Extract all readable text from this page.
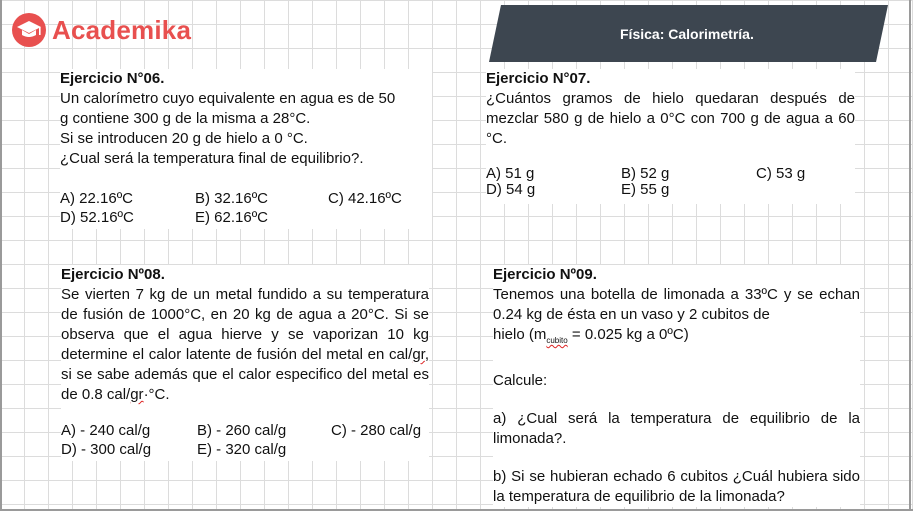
Academika	Física: Calorimetría.
Ejercicio N°06.
Un calorímetro cuyo equivalente en agua es de 50
g contiene 300 g de la misma a 28°C.
Si se introducen 20 g de hielo a 0 °C.
¿Cual será la temperatura final de equilibrio?.
A) 22.16ºC	B) 32.16ºC	C) 42.16ºC
D) 52.16ºC	E) 62.16ºC
Ejercicio N°07.
¿Cuántos gramos de hielo quedaran después de mezclar 580 g de hielo a 0°C con 700 g de agua a 60 °C.
A) 51 g	B) 52 g	C) 53 g
D) 54 g	E) 55 g
Ejercicio Nº08.
Se vierten 7 kg de un metal fundido a su temperatura de fusión de 1000°C, en 20 kg de agua a 20°C. Si se observa que el agua hierve y se vaporizan 10 kg determine el calor latente de fusión del metal en cal/gr, si se sabe además que el calor especifico del metal es de 0.8 cal/gr·°C.
A) - 240 cal/g	B) - 260 cal/g	C) - 280 cal/g
D) - 300 cal/g	E) - 320 cal/g
Ejercicio Nº09.
Tenemos una botella de limonada a 33ºC y se echan 0.24 kg de ésta en un vaso y 2 cubitos de
hielo ($m_{cubito} = 0.025$ kg a 0ºC)
Calcule:
a) ¿Cual será la temperatura de equilibrio de la limonada?.
b) Si se hubieran echado 6 cubitos ¿Cuál hubiera sido la temperatura de equilibrio de la limonada?
